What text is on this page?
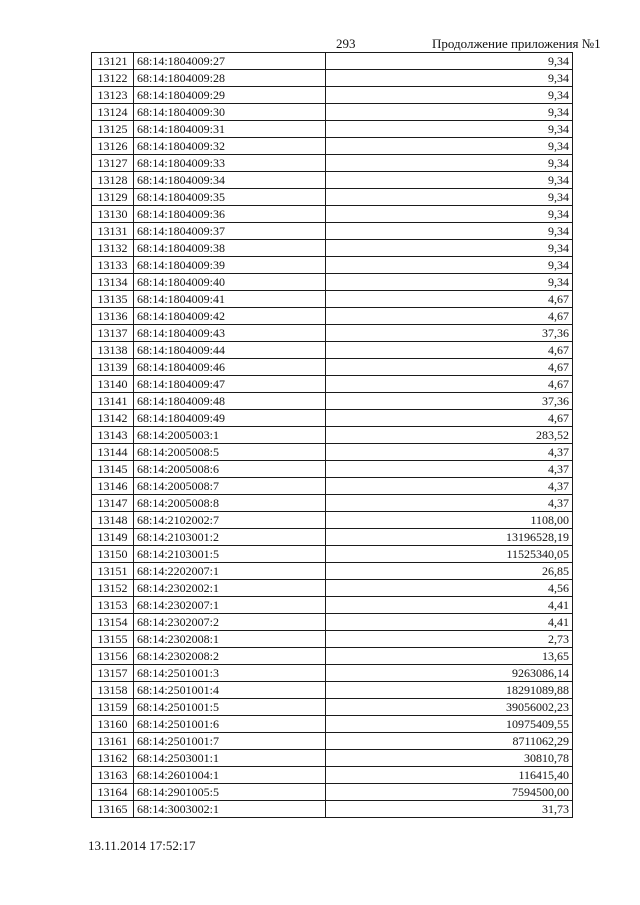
293	Продолжение приложения №1
13121	68:14:1804009:27	9,34
13122	68:14:1804009:28	9,34
13123	68:14:1804009:29	9,34
13124	68:14:1804009:30	9,34
13125	68:14:1804009:31	9,34
13126	68:14:1804009:32	9,34
13127	68:14:1804009:33	9,34
13128	68:14:1804009:34	9,34
13129	68:14:1804009:35	9,34
13130	68:14:1804009:36	9,34
13131	68:14:1804009:37	9,34
13132	68:14:1804009:38	9,34
13133	68:14:1804009:39	9,34
13134	68:14:1804009:40	9,34
13135	68:14:1804009:41	4,67
13136	68:14:1804009:42	4,67
13137	68:14:1804009:43	37,36
13138	68:14:1804009:44	4,67
13139	68:14:1804009:46	4,67
13140	68:14:1804009:47	4,67
13141	68:14:1804009:48	37,36
13142	68:14:1804009:49	4,67
13143	68:14:2005003:1	283,52
13144	68:14:2005008:5	4,37
13145	68:14:2005008:6	4,37
13146	68:14:2005008:7	4,37
13147	68:14:2005008:8	4,37
13148	68:14:2102002:7	1108,00
13149	68:14:2103001:2	13196528,19
13150	68:14:2103001:5	11525340,05
13151	68:14:2202007:1	26,85
13152	68:14:2302002:1	4,56
13153	68:14:2302007:1	4,41
13154	68:14:2302007:2	4,41
13155	68:14:2302008:1	2,73
13156	68:14:2302008:2	13,65
13157	68:14:2501001:3	9263086,14
13158	68:14:2501001:4	18291089,88
13159	68:14:2501001:5	39056002,23
13160	68:14:2501001:6	10975409,55
13161	68:14:2501001:7	8711062,29
13162	68:14:2503001:1	30810,78
13163	68:14:2601004:1	116415,40
13164	68:14:2901005:5	7594500,00
13165	68:14:3003002:1	31,73
13.11.2014 17:52:17
